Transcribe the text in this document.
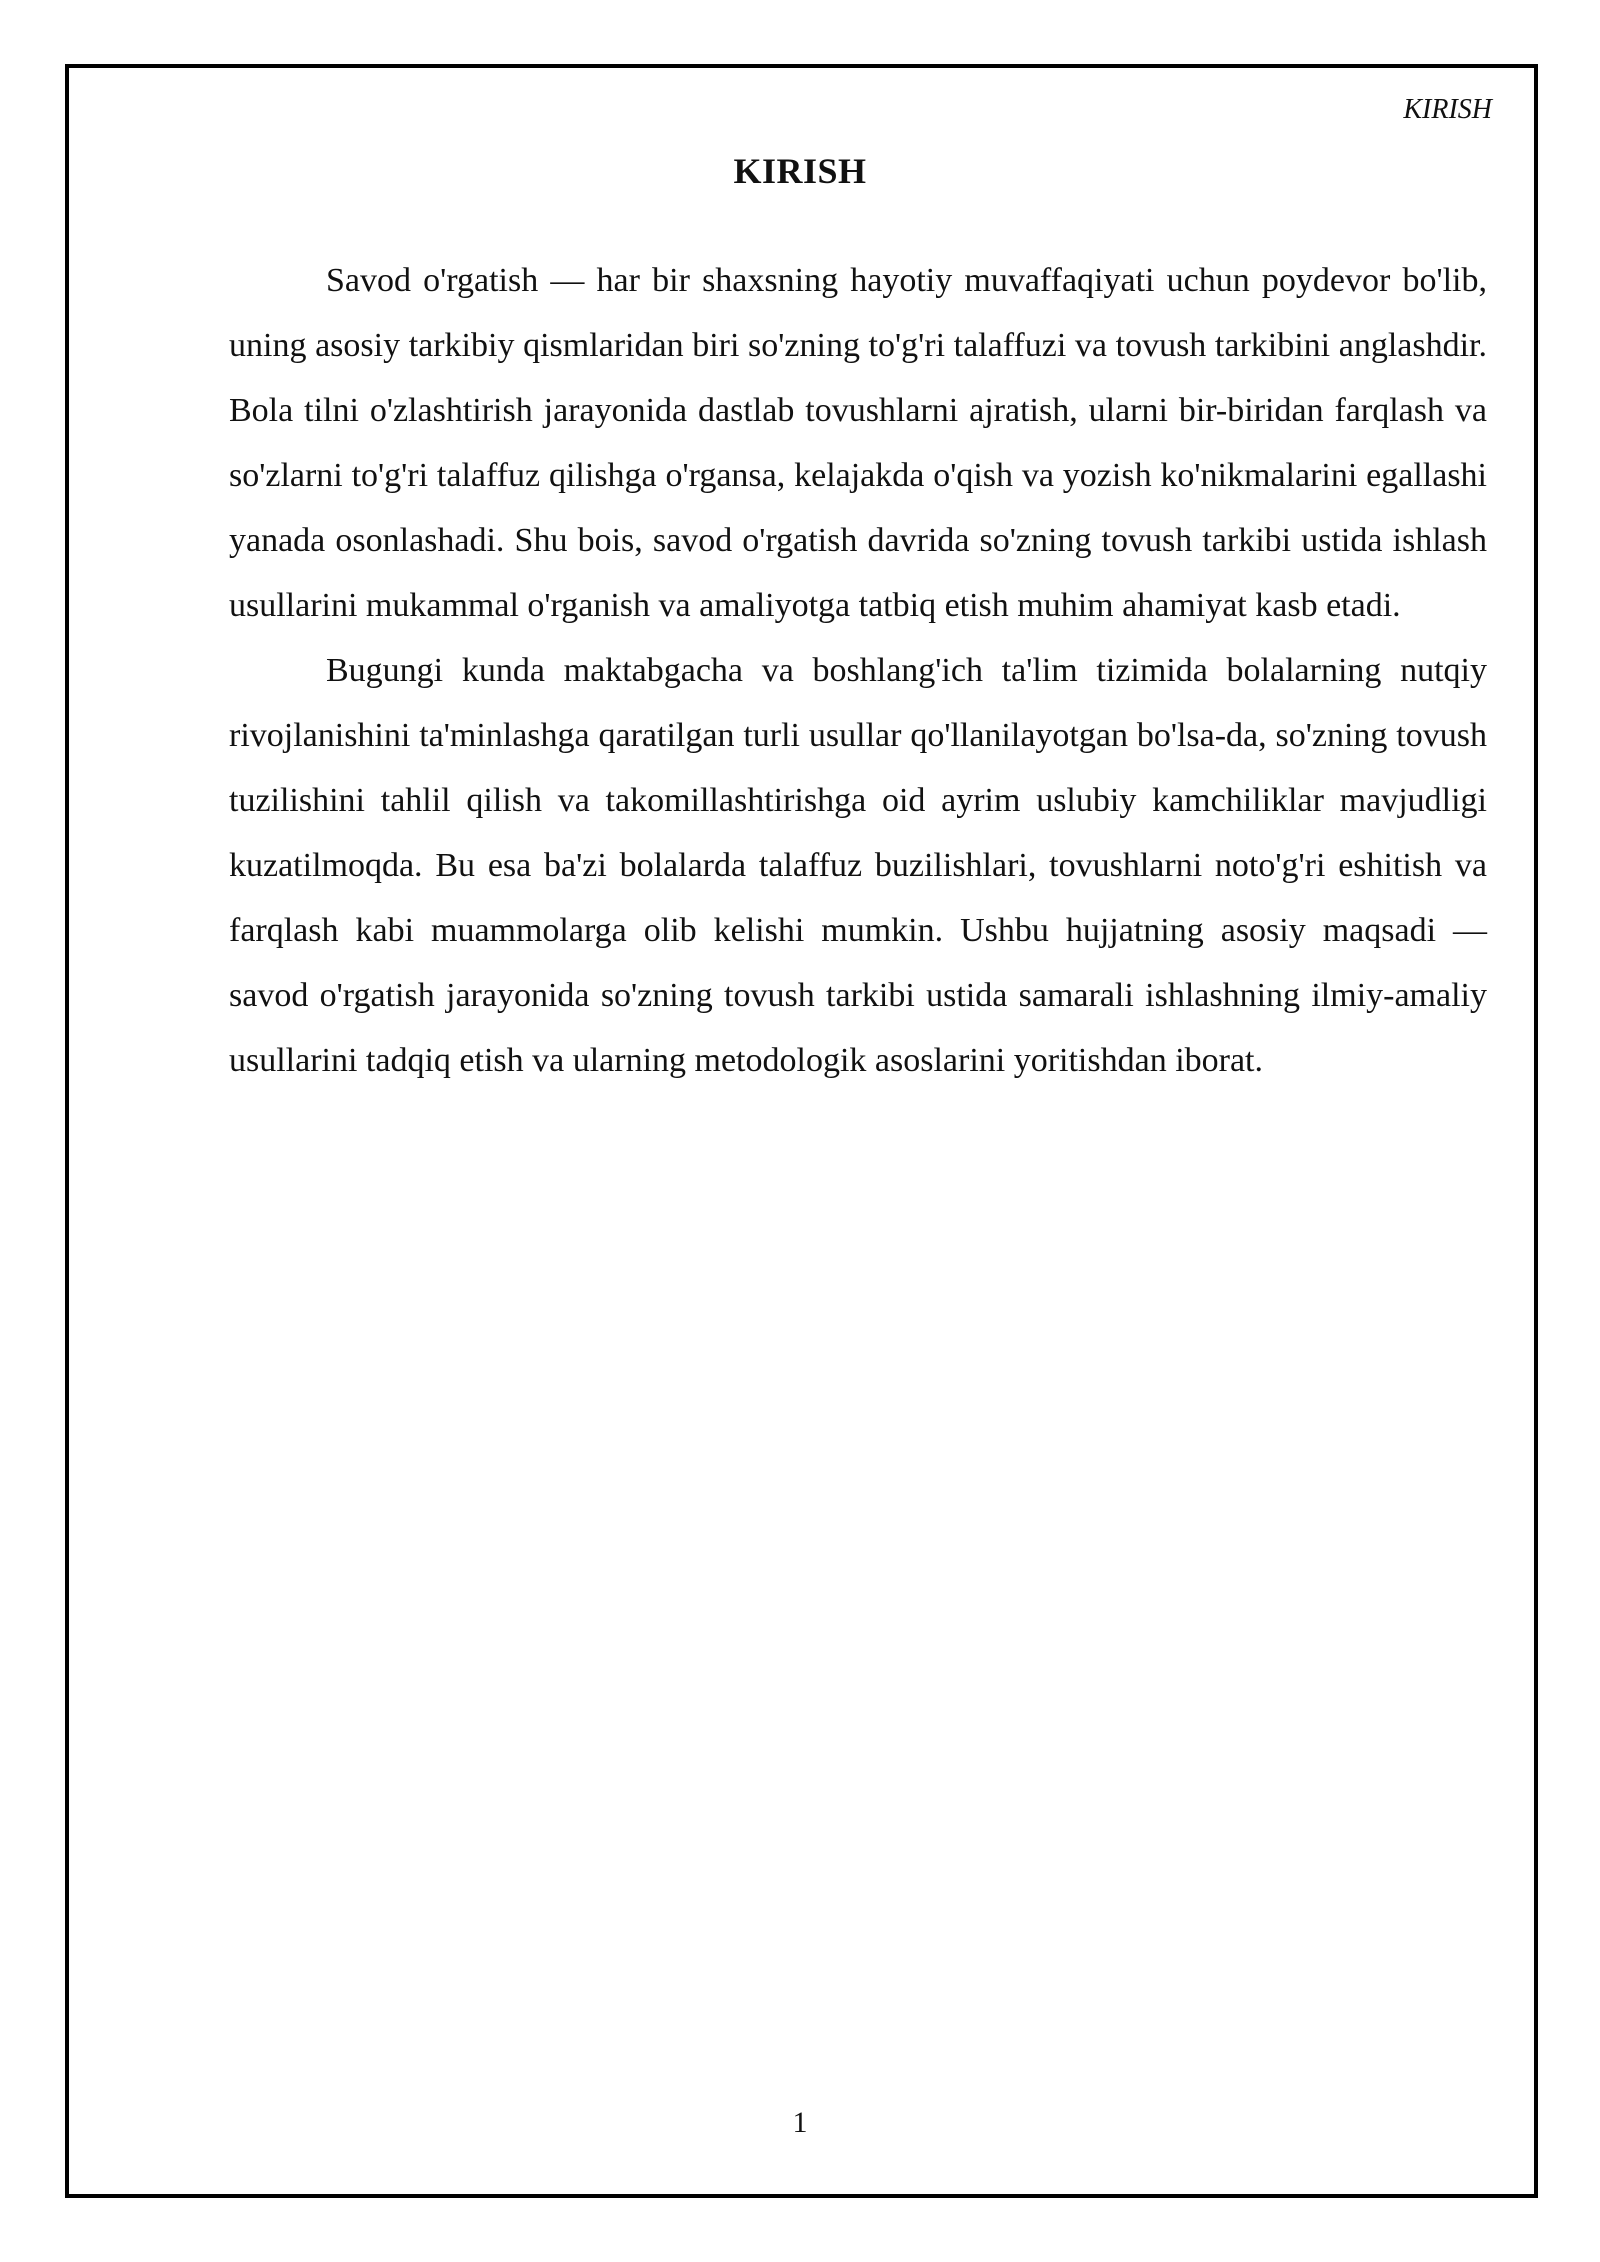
KIRISH
KIRISH

Savod o'rgatish — har bir shaxsning hayotiy muvaffaqiyati uchun poydevor bo'lib, uning asosiy tarkibiy qismlaridan biri so'zning to'g'ri talaffuzi va tovush tarkibini anglashdir. Bola tilni o'zlashtirish jarayonida dastlab tovushlarni ajratish, ularni bir-biridan farqlash va so'zlarni to'g'ri talaffuz qilishga o'rgansa, kelajakda o'qish va yozish ko'nikmalarini egallashi yanada osonlashadi. Shu bois, savod o'rgatish davrida so'zning tovush tarkibi ustida ishlash usullarini mukammal o'rganish va amaliyotga tatbiq etish muhim ahamiyat kasb etadi.

Bugungi kunda maktabgacha va boshlang'ich ta'lim tizimida bolalarning nutqiy rivojlanishini ta'minlashga qaratilgan turli usullar qo'llanilayotgan bo'lsa-da, so'zning tovush tuzilishini tahlil qilish va takomillashtirishga oid ayrim uslubiy kamchiliklar mavjudligi kuzatilmoqda. Bu esa ba'zi bolalarda talaffuz buzilishlari, tovushlarni noto'g'ri eshitish va farqlash kabi muammolarga olib kelishi mumkin. Ushbu hujjatning asosiy maqsadi — savod o'rgatish jarayonida so'zning tovush tarkibi ustida samarali ishlashning ilmiy-amaliy usullarini tadqiq etish va ularning metodologik asoslarini yoritishdan iborat.

1
